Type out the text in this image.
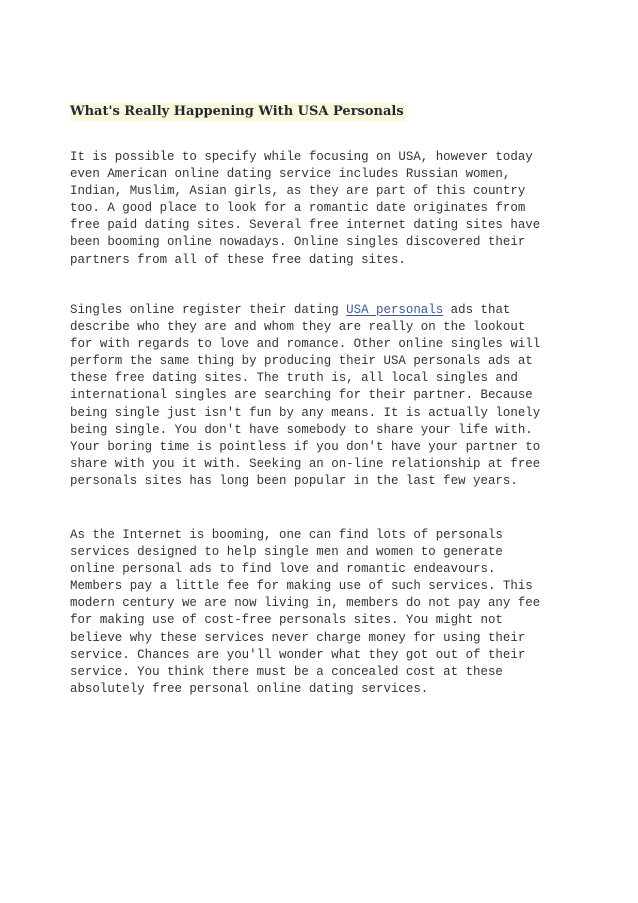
What's Really Happening With USA Personals

It is possible to specify while focusing on USA, however today
even American online dating service includes Russian women,
Indian, Muslim, Asian girls, as they are part of this country
too. A good place to look for a romantic date originates from
free paid dating sites. Several free internet dating sites have
been booming online nowadays. Online singles discovered their
partners from all of these free dating sites.

Singles online register their dating USA personals ads that
describe who they are and whom they are really on the lookout
for with regards to love and romance. Other online singles will
perform the same thing by producing their USA personals ads at
these free dating sites. The truth is, all local singles and
international singles are searching for their partner. Because
being single just isn't fun by any means. It is actually lonely
being single. You don't have somebody to share your life with.
Your boring time is pointless if you don't have your partner to
share with you it with. Seeking an on-line relationship at free
personals sites has long been popular in the last few years.

As the Internet is booming, one can find lots of personals
services designed to help single men and women to generate
online personal ads to find love and romantic endeavours.
Members pay a little fee for making use of such services. This
modern century we are now living in, members do not pay any fee
for making use of cost-free personals sites. You might not
believe why these services never charge money for using their
service. Chances are you'll wonder what they got out of their
service. You think there must be a concealed cost at these
absolutely free personal online dating services.
